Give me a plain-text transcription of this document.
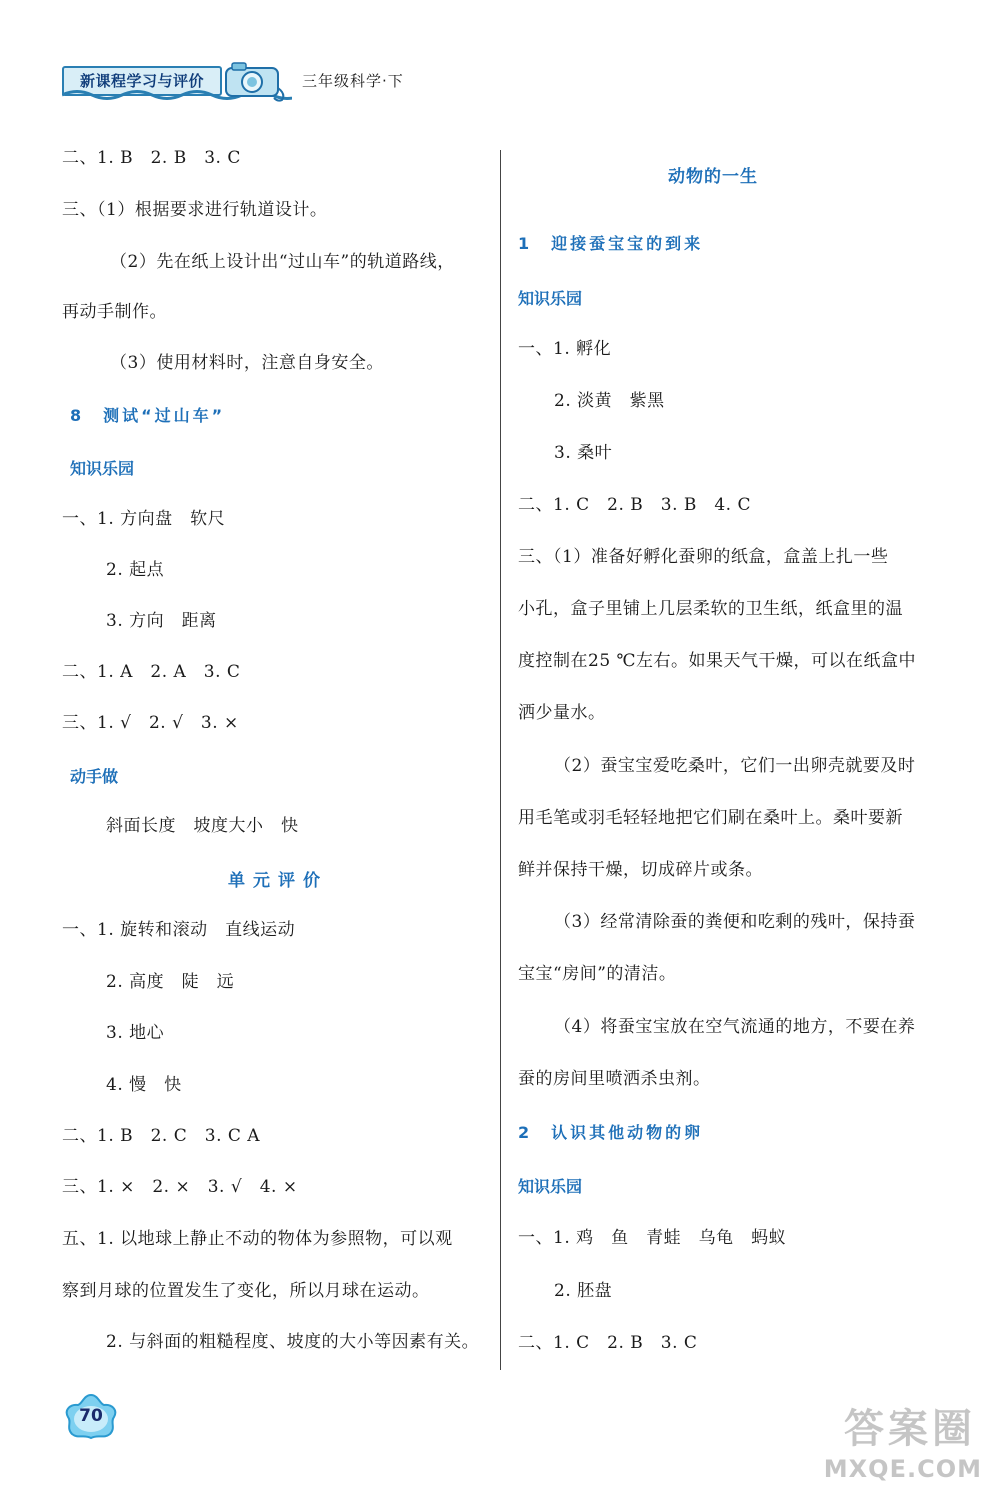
新课程学习与评价	三年级科学·下
二、1. B　2. B　3. C
三、（1）根据要求进行轨道设计。
（2）先在纸上设计出“过山车”的轨道路线，
再动手制作。
（3）使用材料时，注意自身安全。
8　测试“过山车”
知识乐园
一、1. 方向盘　软尺
2. 起点
3. 方向　距离
二、1. A　2. A　3. C
三、1. √　2. √　3. ×
动手做
斜面长度　坡度大小　快
单元评价
一、1. 旋转和滚动　直线运动
2. 高度　陡　远
3. 地心
4. 慢　快
二、1. B　2. C　3. C A
三、1. ×　2. ×　3. √　4. ×
五、1. 以地球上静止不动的物体为参照物，可以观
察到月球的位置发生了变化，所以月球在运动。
2. 与斜面的粗糙程度、坡度的大小等因素有关。
动物的一生
1　迎接蚕宝宝的到来
知识乐园
一、1. 孵化
2. 淡黄　紫黑
3. 桑叶
二、1. C　2. B　3. B　4. C
三、（1）准备好孵化蚕卵的纸盒，盒盖上扎一些
小孔，盒子里铺上几层柔软的卫生纸，纸盒里的温
度控制在25 ℃左右。如果天气干燥，可以在纸盒中
洒少量水。
（2）蚕宝宝爱吃桑叶，它们一出卵壳就要及时
用毛笔或羽毛轻轻地把它们刷在桑叶上。桑叶要新
鲜并保持干燥，切成碎片或条。
（3）经常清除蚕的粪便和吃剩的残叶，保持蚕
宝宝“房间”的清洁。
（4）将蚕宝宝放在空气流通的地方，不要在养
蚕的房间里喷洒杀虫剂。
2　认识其他动物的卵
知识乐园
一、1. 鸡　鱼　青蛙　乌龟　蚂蚁
2. 胚盘
二、1. C　2. B　3. C
70	答案圈
MXQE.COM
